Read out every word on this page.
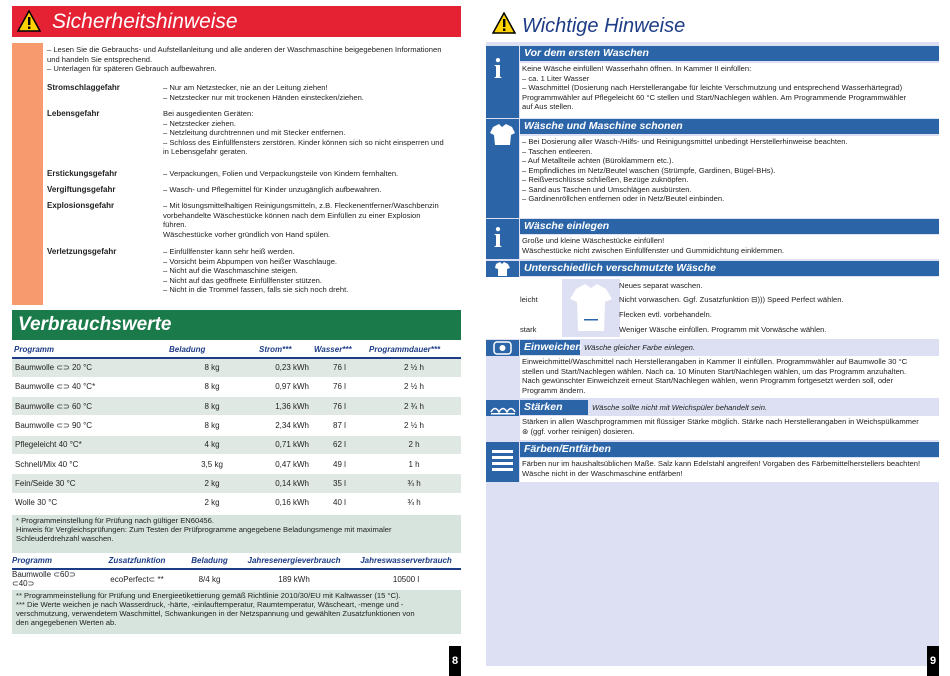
Sicherheitshinweise
– Lesen Sie die Gebrauchs- und Aufstellanleitung und alle anderen der Waschmaschine beigegebenen Informationen
und handeln Sie entsprechend.
– Unterlagen für späteren Gebrauch aufbewahren.
Stromschlaggefahr	– Nur am Netzstecker, nie an der Leitung ziehen!
– Netzstecker nur mit trockenen Händen einstecken/ziehen.
Lebensgefahr	Bei ausgedienten Geräten:
– Netzstecker ziehen.
– Netzleitung durchtrennen und mit Stecker entfernen.
– Schloss des Einfüllfensters zerstören. Kinder können sich so nicht einsperren und
in Lebensgefahr geraten.
Erstickungsgefahr	– Verpackungen, Folien und Verpackungsteile von Kindern fernhalten.
Vergiftungsgefahr	– Wasch- und Pflegemittel für Kinder unzugänglich aufbewahren.
Explosionsgefahr	– Mit lösungsmittelhaltigen Reinigungsmitteln, z.B. Fleckenentferner/Waschbenzin
vorbehandelte Wäschestücke können nach dem Einfüllen zu einer Explosion
führen.
Wäschestücke vorher gründlich von Hand spülen.
Verletzungsgefahr	– Einfüllfenster kann sehr heiß werden.
– Vorsicht beim Abpumpen von heißer Waschlauge.
– Nicht auf die Waschmaschine steigen.
– Nicht auf das geöffnete Einfüllfenster stützen.
– Nicht in die Trommel fassen, falls sie sich noch dreht.
Verbrauchswerte
Programm	Beladung	Strom***	Wasser***	Programmdauer***
Baumwolle ⊂⊃ 20 °C	8 kg	0,23 kWh	76 l	2 ½ h
Baumwolle ⊂⊃ 40 °C*	8 kg	0,97 kWh	76 l	2 ½ h
Baumwolle ⊂⊃ 60 °C	8 kg	1,36 kWh	76 l	2 ¾ h
Baumwolle ⊂⊃ 90 °C	8 kg	2,34 kWh	87 l	2 ½ h
Pflegeleicht 40 °C*	4 kg	0,71 kWh	62 l	2 h
Schnell/Mix 40 °C	3,5 kg	0,47 kWh	49 l	1 h
Fein/Seide 30 °C	2 kg	0,14 kWh	35 l	¾ h
Wolle 30 °C	2 kg	0,16 kWh	40 l	¾ h
* Programmeinstellung für Prüfung nach gültiger EN60456.
Hinweis für Vergleichsprüfungen: Zum Testen der Prüfprogramme angegebene Beladungsmenge mit maximaler
Schleuderdrehzahl waschen.
Programm	Zusatzfunktion	Beladung	Jahresenergieverbrauch	Jahreswasserverbrauch
Baumwolle ⊂60⊃ ⊂40⊃	ecoPerfect⊂ **	8/4 kg	189 kWh	10500 l
** Programmeinstellung für Prüfung und Energieetikettierung gemäß Richtlinie 2010/30/EU mit Kaltwasser (15 °C).
*** Die Werte weichen je nach Wasserdruck, -härte, -einlauftemperatur, Raumtemperatur, Wäscheart, -menge und -
verschmutzung, verwendetem Waschmittel, Schwankungen in der Netzspannung und gewählten Zusatzfunktionen von
den angegebenen Werten ab.
8
Wichtige Hinweise
i
Vor dem ersten Waschen
Keine Wäsche einfüllen! Wasserhahn öffnen. In Kammer II einfüllen:
– ca. 1 Liter Wasser
– Waschmittel (Dosierung nach Herstellerangabe für leichte Verschmutzung und entsprechend Wasserhärtegrad)
Programmwähler auf Pflegeleicht 60 °C stellen und Start/Nachlegen wählen. Am Programmende Programmwähler
auf Aus stellen.
Wäsche und Maschine schonen
– Bei Dosierung aller Wasch-/Hilfs- und Reinigungsmittel unbedingt Herstellerhinweise beachten.
– Taschen entleeren.
– Auf Metallteile achten (Büroklammern etc.).
– Empfindliches im Netz/Beutel waschen (Strümpfe, Gardinen, Bügel-BHs).
– Reißverschlüsse schließen, Bezüge zuknöpfen.
– Sand aus Taschen und Umschlägen ausbürsten.
– Gardinenröllchen entfernen oder in Netz/Beutel einbinden.
i	Wäsche einlegen
Große und kleine Wäschestücke einfüllen!
Wäschestücke nicht zwischen Einfüllfenster und Gummidichtung einklemmen.
Unterschiedlich verschmutzte Wäsche
Neues separat waschen.
leicht	Nicht vorwaschen. Ggf. Zusatzfunktion ⊟))) Speed Perfect wählen.
Flecken evtl. vorbehandeln.
stark	Weniger Wäsche einfüllen. Programm mit Vorwäsche wählen.
Einweichen Wäsche gleicher Farbe einlegen.
Einweichmittel/Waschmittel nach Herstellerangaben in Kammer II einfüllen. Programmwähler auf Baumwolle 30 °C
stellen und Start/Nachlegen wählen. Nach ca. 10 Minuten Start/Nachlegen wählen, um das Programm anzuhalten.
Nach gewünschter Einweichzeit erneut Start/Nachlegen wählen, wenn Programm fortgesetzt werden soll, oder
Programm ändern.
Stärken	Wäsche sollte nicht mit Weichspüler behandelt sein.
Stärken in allen Waschprogrammen mit flüssiger Stärke möglich. Stärke nach Herstellerangaben in Weichspülkammer
⊛ (ggf. vorher reinigen) dosieren.
Färben/Entfärben
Färben nur im haushaltsüblichen Maße. Salz kann Edelstahl angreifen! Vorgaben des Färbemittelherstellers beachten!
Wäsche nicht in der Waschmaschine entfärben!
9
